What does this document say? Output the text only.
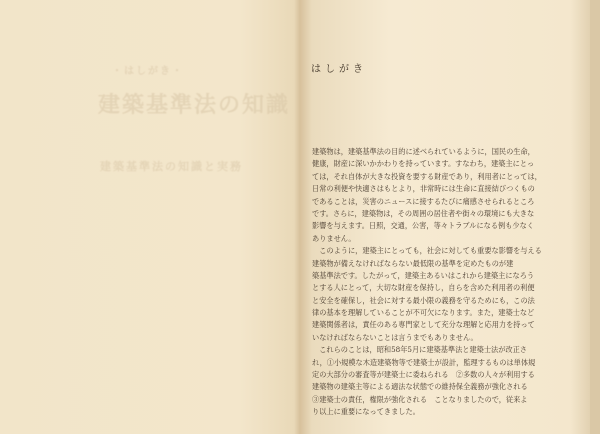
・はしがき・
建築基準法の知識
建築基準法の知識と実務
はしがき
建築物は，建築基準法の目的に述べられているように，国民の生命，
健康，財産に深いかかわりを持っています。すなわち，建築主にとっ
ては，それ自体が大きな投資を要する財産であり，利用者にとっては，
日常の利便や快適さはもとより，非常時には生命に直接結びつくもの
であることは，災害のニュースに接するたびに痛感させられるところ
です。さらに，建築物は，その周囲の居住者や街々の環境にも大きな
影響を与えます。日照，交通，公害，等々トラブルになる例も少なく
ありません。
　このように，建築主にとっても，社会に対しても重要な影響を与える
建築物が備えなければならない最低限の基準を定めたものが建
築基準法です。したがって，建築主あるいはこれから建築主になろう
とする人にとって，大切な財産を保持し，自らを含めた利用者の利便
と安全を確保し，社会に対する最小限の義務を守るためにも，この法
律の基本を理解していることが不可欠になります。また，建築士など
建築関係者は，責任のある専門家として充分な理解と応用力を持って
いなければならないことは言うまでもありません。
　これらのことは，昭和58年5月に建築基準法と建築士法が改正さ
れ，①小規模な木造建築物等で建築士が設計，監理するものは単体規
定の大部分の審査等が建築士に委ねられる　②多数の人々が利用する
建築物の建築主等による適法な状態での維持保全義務が強化される
③建築士の責任，権限が強化される　ことなりましたので，従来よ
り以上に重要になってきました。
